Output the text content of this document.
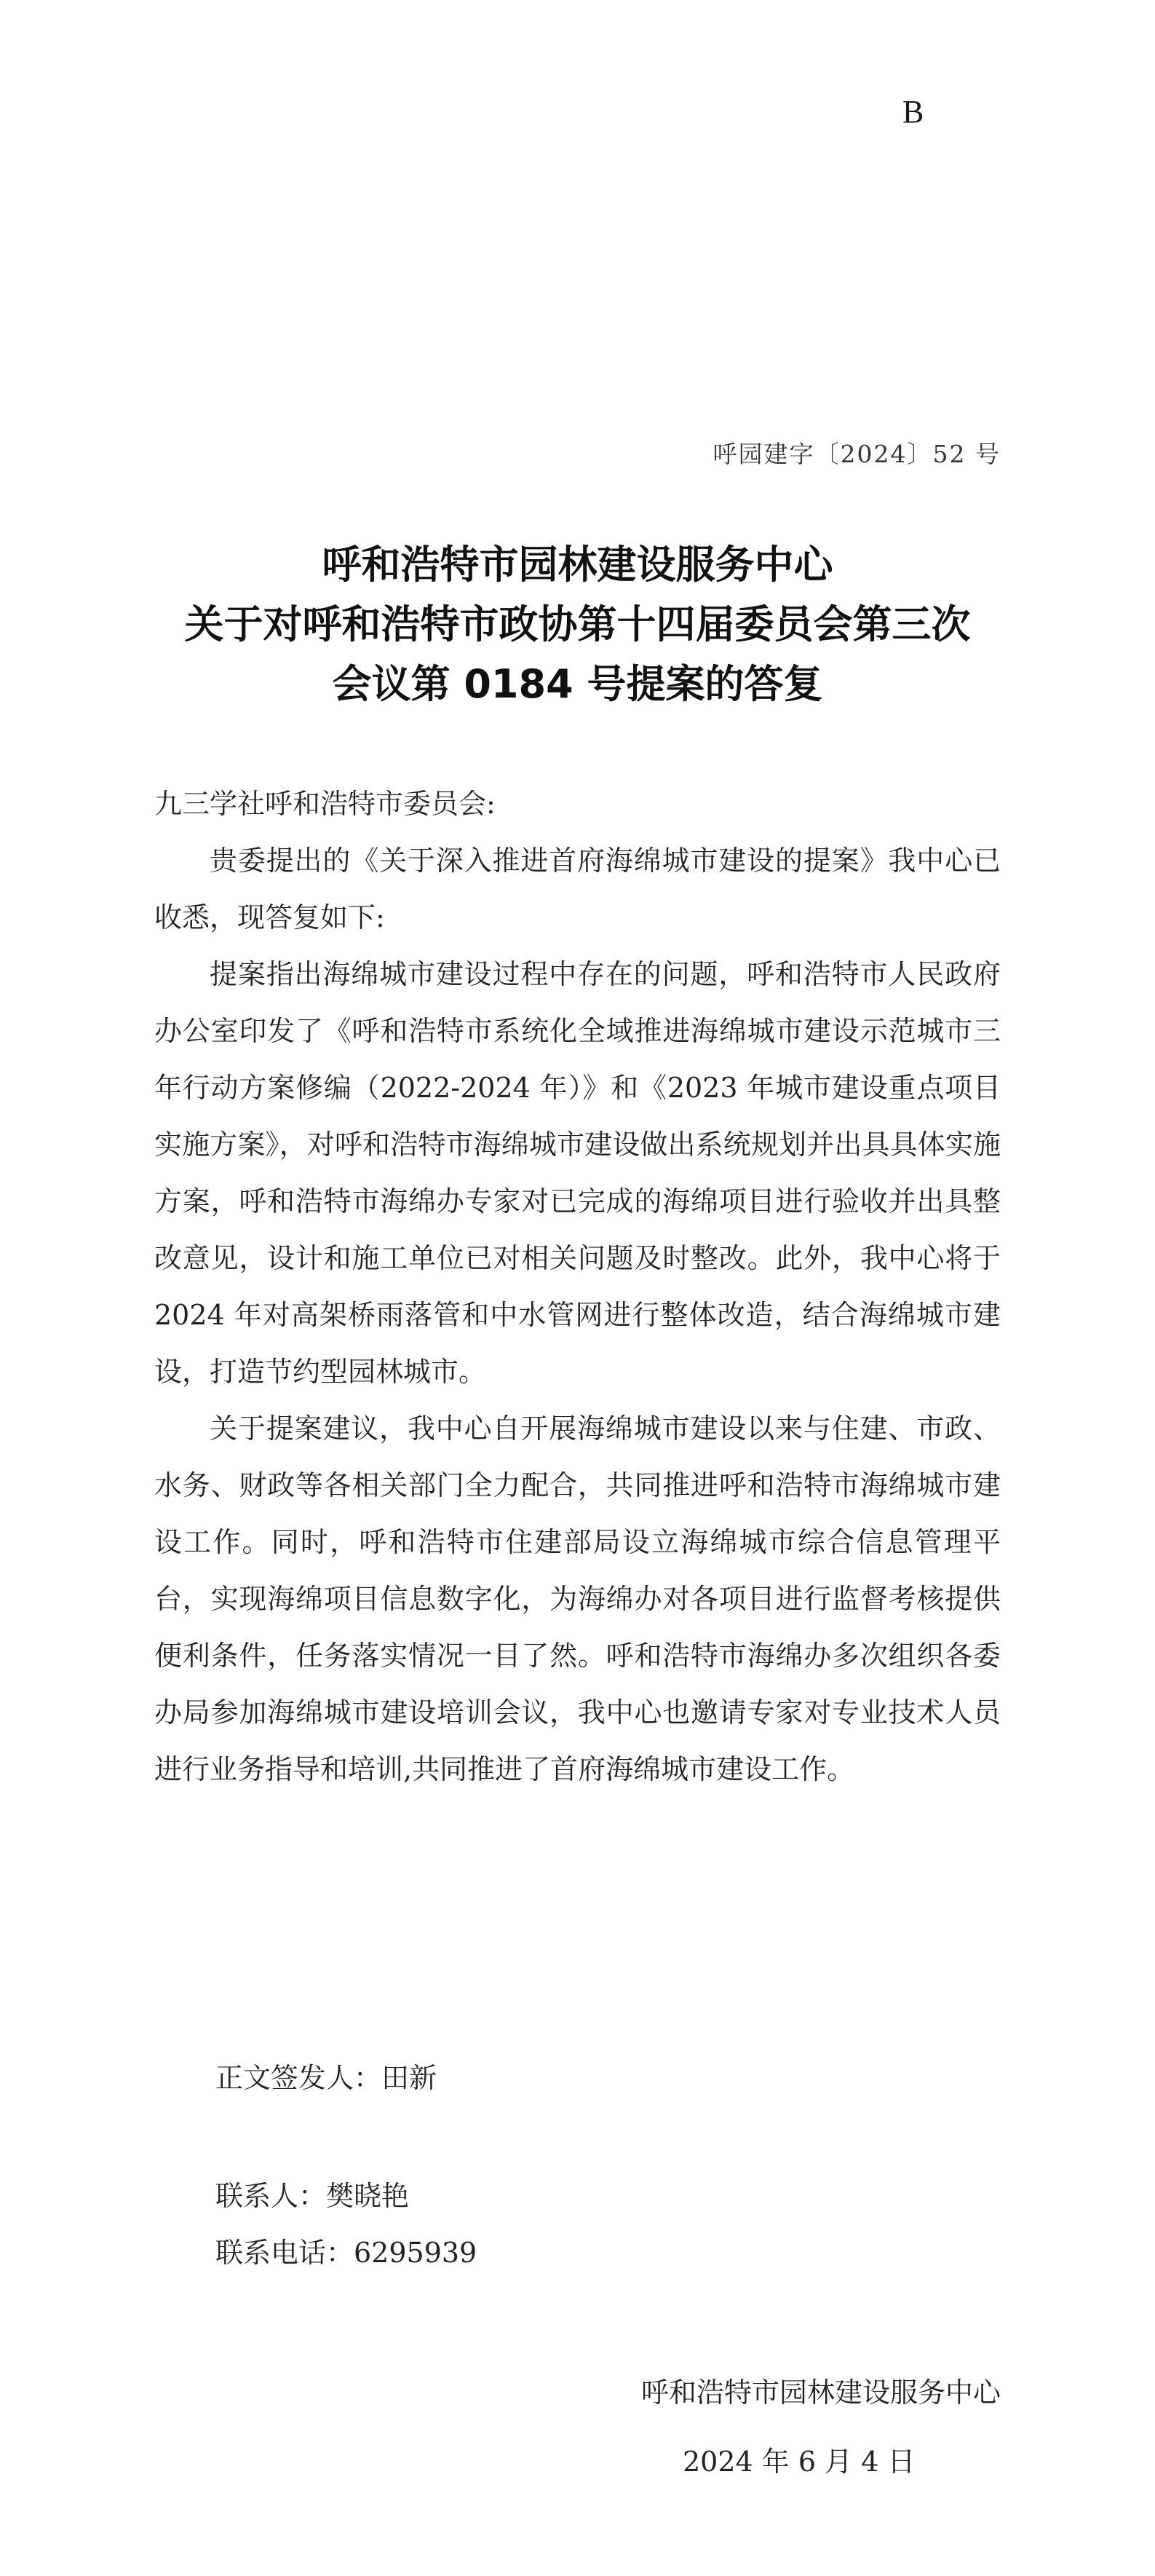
B
呼园建字〔2024〕52 号
呼和浩特市园林建设服务中心
关于对呼和浩特市政协第十四届委员会第三次
会议第 0184 号提案的答复

九三学社呼和浩特市委员会:

贵委提出的《关于深入推进首府海绵城市建设的提案》我中心已收悉，现答复如下:

提案指出海绵城市建设过程中存在的问题，呼和浩特市人民政府办公室印发了《呼和浩特市系统化全域推进海绵城市建设示范城市三年行动方案修编（2022-2024 年）》和《2023 年城市建设重点项目实施方案》，对呼和浩特市海绵城市建设做出系统规划并出具具体实施方案，呼和浩特市海绵办专家对已完成的海绵项目进行验收并出具整改意见，设计和施工单位已对相关问题及时整改。此外，我中心将于 2024 年对高架桥雨落管和中水管网进行整体改造，结合海绵城市建设，打造节约型园林城市。

关于提案建议，我中心自开展海绵城市建设以来与住建、市政、水务、财政等各相关部门全力配合，共同推进呼和浩特市海绵城市建设工作。同时，呼和浩特市住建部局设立海绵城市综合信息管理平台，实现海绵项目信息数字化，为海绵办对各项目进行监督考核提供便利条件，任务落实情况一目了然。呼和浩特市海绵办多次组织各委办局参加海绵城市建设培训会议，我中心也邀请专家对专业技术人员进行业务指导和培训,共同推进了首府海绵城市建设工作。

正文签发人：田新
联系人：樊晓艳
联系电话：6295939
呼和浩特市园林建设服务中心
2024 年 6 月 4 日
